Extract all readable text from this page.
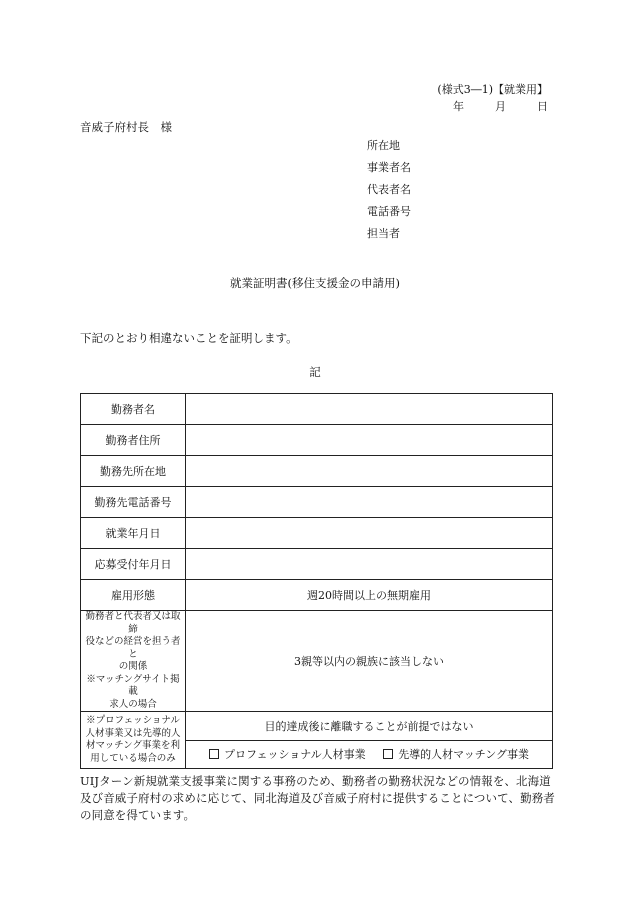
(様式3―1)【就業用】
年	月	日
音威子府村長　様
所在地
事業者名
代表者名
電話番号
担当者
就業証明書(移住支援金の申請用)
下記のとおり相違ないことを証明します。
記
勤務者名	
勤務者住所	
勤務先所在地	
勤務先電話番号	
就業年月日	
応募受付年月日	
雇用形態	週20時間以上の無期雇用

勤務者と代表者又は取締
役などの経営を担う者と
の関係
※マッチングサイト掲載
求人の場合	3親等以内の親族に該当しない

※プロフェッショナル
人材事業又は先導的人
材マッチング事業を利
用している場合のみ	目的達成後に離職することが前提ではない
	プロフェッショナル人材事業 先導的人材マッチング事業
UIJターン新規就業支援事業に関する事務のため、勤務者の勤務状況などの情報を、北海道及び音威子府村の求めに応じて、同北海道及び音威子府村に提供することについて、勤務者の同意を得ています。
